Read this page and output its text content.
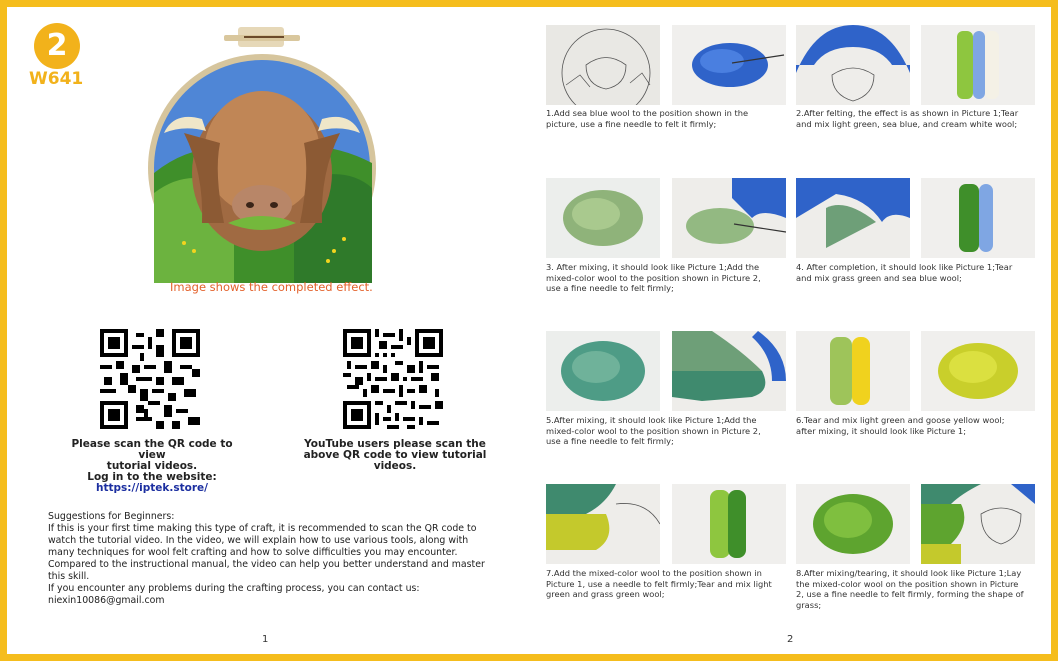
2
W641
Image shows the completed effect.
Please scan the QR code to view
tutorial videos.
Log in to the website:
https://iptek.store/
YouTube users please scan the
above QR code to view tutorial
videos.
Suggestions for Beginners:
If this is your first time making this type of craft, it is recommended to scan the QR code to
watch the tutorial video. In the video, we will explain how to use various tools, along with
many techniques for wool felt crafting and how to solve difficulties you may encounter.
Compared to the instructional manual, the video can help you better understand and master
this skill.
If you encounter any problems during the crafting process, you can contact us:
niexin10086@gmail.com
1
1.Add sea blue wool to the position shown in the
picture, use a fine needle to felt it firmly;
2.After felting, the effect is as shown in Picture 1;Tear
and mix light green, sea blue, and cream white wool;
3. After mixing, it should look like Picture 1;Add the
mixed-color wool to the position shown in Picture 2,
use a fine needle to felt firmly;
4. After completion, it should look like Picture 1;Tear
and mix grass green and sea blue wool;
5.After mixing, it should look like Picture 1;Add the
mixed-color wool to the position shown in Picture 2,
use a fine needle to felt firmly;
6.Tear and mix light green and goose yellow wool;
after mixing, it should look like Picture 1;
7.Add the mixed-color wool to the position shown in
Picture 1, use a needle to felt firmly;Tear and mix light
green and grass green wool;
8.After mixing/tearing, it should look like Picture 1;Lay
the mixed-color wool on the position shown in Picture
2, use a fine needle to felt firmly, forming the shape of
grass;
2
